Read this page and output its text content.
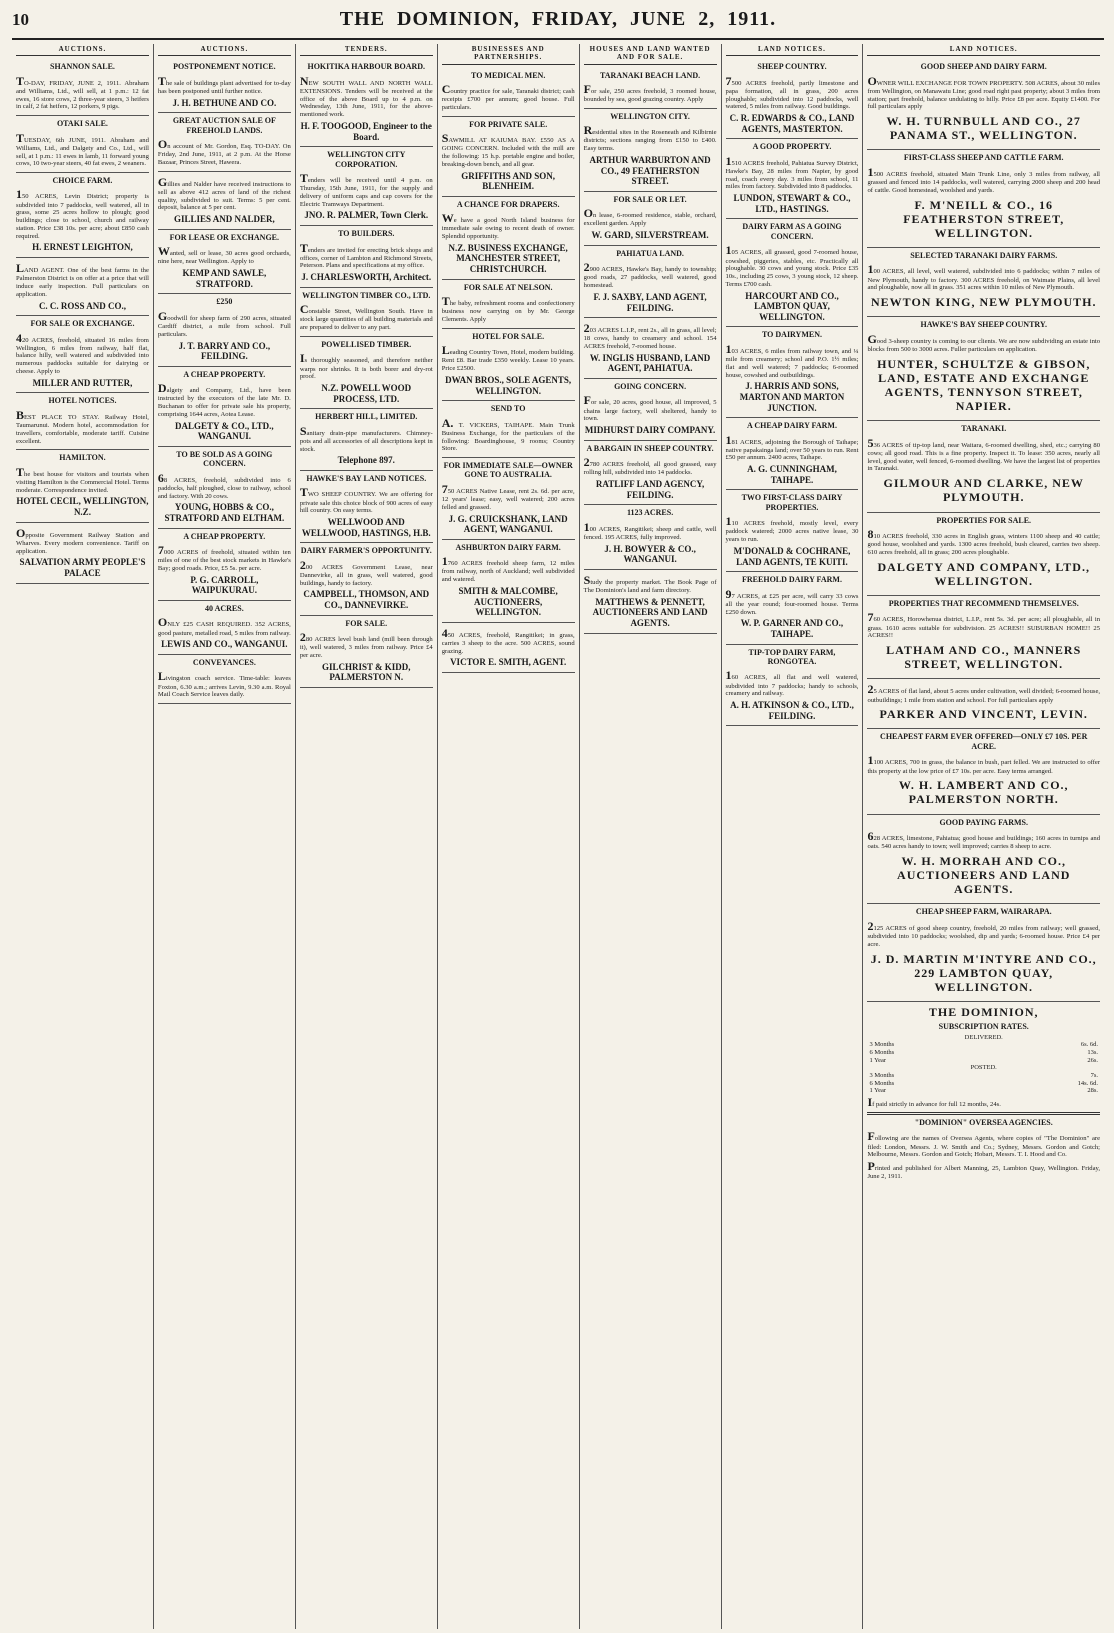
10	THE DOMINION, FRIDAY, JUNE 2, 1911.
AUCTIONS.
SHANNON SALE.

TO-DAY, FRIDAY, JUNE 2, 1911. Abraham and Williams, Ltd., will sell, at 1 p.m.: 12 fat ewes, 16 store cows, 2 three-year steers, 3 heifers in calf, 2 fat heifers, 12 porkers, 9 pigs.

OTAKI SALE.

TUESDAY, 6th JUNE, 1911. Abraham and Williams, Ltd., and Dalgety and Co., Ltd., will sell, at 1 p.m.: 11 ewes in lamb, 11 forward young cows, 10 two-year steers, 40 fat ewes, 2 weaners.

CHOICE FARM.

150 ACRES, Levin District; property is subdivided into 7 paddocks, well watered, all in grass, some 25 acres hollow to plough; good buildings; close to school, church and railway station. Price £38 10s. per acre; about £850 cash required.

H. ERNEST LEIGHTON,

LAND AGENT. One of the best farms in the Palmerston District is on offer at a price that will induce early inspection. Full particulars on application.

C. C. ROSS AND CO.,
FOR SALE OR EXCHANGE.

420 ACRES, freehold, situated 16 miles from Wellington, 6 miles from railway, half flat, balance hilly, well watered and subdivided into numerous paddocks suitable for dairying or cheese. Apply to

MILLER AND RUTTER,
HOTEL NOTICES.

BEST PLACE TO STAY. Railway Hotel, Taumarunui. Modern hotel, accommodation for travellers, comfortable, moderate tariff. Cuisine excellent.

HAMILTON.

The best house for visitors and tourists when visiting Hamilton is the Commercial Hotel. Terms moderate. Correspondence invited.

HOTEL CECIL, WELLINGTON, N.Z.

Opposite Government Railway Station and Wharves. Every modern convenience. Tariff on application.

SALVATION ARMY PEOPLE'S PALACE
AUCTIONS.
POSTPONEMENT NOTICE.

The sale of buildings plant advertised for to-day has been postponed until further notice.

J. H. BETHUNE AND CO.
GREAT AUCTION SALE OF FREEHOLD LANDS.

On account of Mr. Gordon, Esq. TO-DAY. On Friday, 2nd June, 1911, at 2 p.m. At the Horse Bazaar, Princes Street, Hawera.

Gillies and Nalder have received instructions to sell as above 412 acres of land of the richest quality, subdivided to suit. Terms: 5 per cent. deposit, balance at 5 per cent.

GILLIES AND NALDER,
FOR LEASE OR EXCHANGE.

Wanted, sell or lease, 30 acres good orchards, nine here, near Wellington. Apply to

KEMP AND SAWLE, STRATFORD.
£250

Goodwill for sheep farm of 290 acres, situated Cardiff district, a mile from school. Full particulars.

J. T. BARRY AND CO., FEILDING.
A CHEAP PROPERTY.

Dalgety and Company, Ltd., have been instructed by the executors of the late Mr. D. Buchanan to offer for private sale his property, comprising 1644 acres, Aotea Lease.

DALGETY & CO., LTD., WANGANUI.
TO BE SOLD AS A GOING CONCERN.

68 ACRES, freehold, subdivided into 6 paddocks, half ploughed, close to railway, school and factory. With 20 cows.

YOUNG, HOBBS & CO., STRATFORD AND ELTHAM.
A CHEAP PROPERTY.

7000 ACRES of freehold, situated within ten miles of one of the best stock markets in Hawke's Bay; good roads. Price, £5 5s. per acre.

P. G. CARROLL, WAIPUKURAU.
40 ACRES.

ONLY £25 CASH REQUIRED. 352 ACRES, good pasture, metalled road, 5 miles from railway.

LEWIS AND CO., WANGANUI.
CONVEYANCES.

Livingston coach service. Time-table: leaves Foxton, 6.30 a.m.; arrives Levin, 9.30 a.m. Royal Mail Coach Service leaves daily.

TENDERS.
HOKITIKA HARBOUR BOARD.

NEW SOUTH WALL AND NORTH WALL EXTENSIONS. Tenders will be received at the office of the above Board up to 4 p.m. on Wednesday, 13th June, 1911, for the above-mentioned work.

H. F. TOOGOOD, Engineer to the Board.
WELLINGTON CITY CORPORATION.

Tenders will be received until 4 p.m. on Thursday, 15th June, 1911, for the supply and delivery of uniform caps and cap covers for the Electric Tramways Department.

JNO. R. PALMER, Town Clerk.
TO BUILDERS.

Tenders are invited for erecting brick shops and offices, corner of Lambton and Richmond Streets, Peterson. Plans and specifications at my office.

J. CHARLESWORTH, Architect.
WELLINGTON TIMBER CO., LTD.

Constable Street, Wellington South. Have in stock large quantities of all building materials and are prepared to deliver to any part.

POWELLISED TIMBER.

Is thoroughly seasoned, and therefore neither warps nor shrinks. It is both borer and dry-rot proof.

N.Z. POWELL WOOD PROCESS, LTD.
HERBERT HILL, LIMITED.

Sanitary drain-pipe manufacturers. Chimney-pots and all accessories of all descriptions kept in stock.

Telephone 897.
HAWKE'S BAY LAND NOTICES.

TWO SHEEP COUNTRY. We are offering for private sale this choice block of 900 acres of easy hill country. On easy terms.

WELLWOOD AND WELLWOOD, HASTINGS, H.B.
DAIRY FARMER'S OPPORTUNITY.

200 ACRES Government Lease, near Dannevirke, all in grass, well watered, good buildings, handy to factory.

CAMPBELL, THOMSON, AND CO., DANNEVIRKE.
FOR SALE.

280 ACRES level bush land (mill been through it), well watered, 3 miles from railway. Price £4 per acre.

GILCHRIST & KIDD, PALMERSTON N.
BUSINESSES AND PARTNERSHIPS.
TO MEDICAL MEN.

Country practice for sale, Taranaki district; cash receipts £700 per annum; good house. Full particulars.

FOR PRIVATE SALE.

SAWMILL AT KAIUMA BAY. £550 AS A GOING CONCERN. Included with the mill are the following: 15 h.p. portable engine and boiler, breaking-down bench, and all gear.

GRIFFITHS AND SON, BLENHEIM.
A CHANCE FOR DRAPERS.

We have a good North Island business for immediate sale owing to recent death of owner. Splendid opportunity.

N.Z. BUSINESS EXCHANGE, MANCHESTER STREET, CHRISTCHURCH.
FOR SALE AT NELSON.

The baby, refreshment rooms and confectionery business now carrying on by Mr. George Clements. Apply

HOTEL FOR SALE.

Leading Country Town, Hotel, modern building. Rent £8. Bar trade £350 weekly. Lease 10 years. Price £2500.

DWAN BROS., SOLE AGENTS, WELLINGTON.
SEND TO

A. T. VICKERS, TAIHAPE. Main Trunk Business Exchange, for the particulars of the following: Boardinghouse, 9 rooms; Country Store.

FOR IMMEDIATE SALE—OWNER GONE TO AUSTRALIA.

750 ACRES Native Lease, rent 2s. 6d. per acre, 12 years' lease; easy, well watered; 200 acres felled and grassed.

J. G. CRUICKSHANK, LAND AGENT, WANGANUI.
ASHBURTON DAIRY FARM.

1760 ACRES freehold sheep farm, 12 miles from railway, north of Auckland; well subdivided and watered.

SMITH & MALCOMBE, AUCTIONEERS, WELLINGTON.

450 ACRES, freehold, Rangitikei; in grass, carries 3 sheep to the acre. 500 ACRES, sound grazing.

VICTOR E. SMITH, AGENT.
HOUSES AND LAND WANTED AND FOR SALE.
TARANAKI BEACH LAND.

For sale, 250 acres freehold, 3 roomed house, bounded by sea, good grazing country. Apply

WELLINGTON CITY.

Residential sites in the Roseneath and Kilbirnie districts; sections ranging from £150 to £400. Easy terms.

ARTHUR WARBURTON AND CO., 49 FEATHERSTON STREET.
FOR SALE OR LET.

On lease, 6-roomed residence, stable, orchard, excellent garden. Apply

W. GARD, SILVERSTREAM.
PAHIATUA LAND.

2900 ACRES, Hawke's Bay, handy to township; good roads, 27 paddocks, well watered, good homestead.

F. J. SAXBY, LAND AGENT, FEILDING.

203 ACRES L.I.P., rent 2s., all in grass, all level; 18 cows, handy to creamery and school. 154 ACRES freehold, 7-roomed house.

W. INGLIS HUSBAND, LAND AGENT, PAHIATUA.
GOING CONCERN.

For sale, 20 acres, good house, all improved, 5 chains large factory, well sheltered, handy to town.

MIDHURST DAIRY COMPANY.
A BARGAIN IN SHEEP COUNTRY.

2780 ACRES freehold, all good grassed, easy rolling hill, subdivided into 14 paddocks.

RATLIFF LAND AGENCY, FEILDING.
1123 ACRES.

100 ACRES, Rangitikei; sheep and cattle, well fenced. 195 ACRES, fully improved.

J. H. BOWYER & CO., WANGANUI.

Study the property market. The Book Page of The Dominion's land and farm directory.

MATTHEWS & PENNETT, AUCTIONEERS AND LAND AGENTS.
LAND NOTICES.
SHEEP COUNTRY.

7500 ACRES freehold, partly limestone and papa formation, all in grass, 200 acres ploughable; subdivided into 12 paddocks, well watered, 5 miles from railway. Good buildings.

C. R. EDWARDS & CO., LAND AGENTS, MASTERTON.
A GOOD PROPERTY.

1510 ACRES freehold, Pahiatua Survey District, Hawke's Bay, 28 miles from Napier, by good road, coach every day. 3 miles from school, 11 miles from factory. Subdivided into 8 paddocks.

LUNDON, STEWART & CO., LTD., HASTINGS.
DAIRY FARM AS A GOING CONCERN.

105 ACRES, all grassed, good 7-roomed house, cowshed, piggeries, stables, etc. Practically all ploughable. 30 cows and young stock. Price £35 10s., including 25 cows, 3 young stock, 12 sheep. Terms £700 cash.

HARCOURT AND CO., LAMBTON QUAY, WELLINGTON.
TO DAIRYMEN.

103 ACRES, 6 miles from railway town, and ¼ mile from creamery; school and P.O. 1½ miles; flat and well watered; 7 paddocks; 6-roomed house, cowshed and outbuildings.

J. HARRIS AND SONS, MARTON AND MARTON JUNCTION.
A CHEAP DAIRY FARM.

181 ACRES, adjoining the Borough of Taihape; native papakainga land; over 50 years to run. Rent £50 per annum. 2400 acres, Taihape.

A. G. CUNNINGHAM, TAIHAPE.
TWO FIRST-CLASS DAIRY PROPERTIES.

110 ACRES freehold, mostly level, every paddock watered; 2000 acres native lease, 30 years to run.

M'DONALD & COCHRANE, LAND AGENTS, TE KUITI.
FREEHOLD DAIRY FARM.

97 ACRES, at £25 per acre, will carry 33 cows all the year round; four-roomed house. Terms £250 down.

W. P. GARNER AND CO., TAIHAPE.
TIP-TOP DAIRY FARM, RONGOTEA.

160 ACRES, all flat and well watered, subdivided into 7 paddocks; handy to schools, creamery and railway.

A. H. ATKINSON & CO., LTD., FEILDING.
LAND NOTICES.
GOOD SHEEP AND DAIRY FARM.

OWNER WILL EXCHANGE FOR TOWN PROPERTY. 508 ACRES, about 30 miles from Wellington, on Manawatu Line; good road right past property; about 3 miles from station; part freehold, balance undulating to hilly. Price £8 per acre. Equity £1400. For full particulars apply

W. H. TURNBULL AND CO., 27 PANAMA ST., WELLINGTON.
FIRST-CLASS SHEEP AND CATTLE FARM.

1500 ACRES freehold, situated Main Trunk Line, only 3 miles from railway, all grassed and fenced into 14 paddocks, well watered, carrying 2000 sheep and 200 head of cattle. Good homestead, woolshed and yards.

F. M'NEILL & CO., 16 FEATHERSTON STREET, WELLINGTON.
SELECTED TARANAKI DAIRY FARMS.

100 ACRES, all level, well watered, subdivided into 6 paddocks; within 7 miles of New Plymouth, handy to factory. 300 ACRES freehold, on Waimate Plains, all level and ploughable, now all in grass. 351 acres within 10 miles of New Plymouth.

NEWTON KING, NEW PLYMOUTH.
HAWKE'S BAY SHEEP COUNTRY.

Good 3-sheep country is coming to our clients. We are now subdividing an estate into blocks from 500 to 3000 acres. Fuller particulars on application.

HUNTER, SCHULTZE & GIBSON, LAND, ESTATE AND EXCHANGE AGENTS, TENNYSON STREET, NAPIER.
TARANAKI.

536 ACRES of tip-top land, near Waitara, 6-roomed dwelling, shed, etc.; carrying 80 cows; all good road. This is a fine property. Inspect it. To lease: 350 acres, nearly all level, good water, well fenced, 6-roomed dwelling. We have the largest list of properties in Taranaki.

GILMOUR AND CLARKE, NEW PLYMOUTH.
PROPERTIES FOR SALE.

810 ACRES freehold, 330 acres in English grass, winters 1100 sheep and 40 cattle; good house, woolshed and yards. 1300 acres freehold, bush cleared, carries two sheep. 610 acres freehold, all in grass; 200 acres ploughable.

DALGETY AND COMPANY, LTD., WELLINGTON.
PROPERTIES THAT RECOMMEND THEMSELVES.

760 ACRES, Horowhenua district, L.I.P., rent 5s. 3d. per acre; all ploughable, all in grass. 1610 acres suitable for subdivision. 25 ACRES!! SUBURBAN HOME!! 25 ACRES!!

LATHAM AND CO., MANNERS STREET, WELLINGTON.

25 ACRES of flat land, about 5 acres under cultivation, well divided; 6-roomed house, outbuildings; 1 mile from station and school. For full particulars apply

PARKER AND VINCENT, LEVIN.
CHEAPEST FARM EVER OFFERED—ONLY £7 10S. PER ACRE.

1100 ACRES, 700 in grass, the balance in bush, part felled. We are instructed to offer this property at the low price of £7 10s. per acre. Easy terms arranged.

W. H. LAMBERT AND CO., PALMERSTON NORTH.
GOOD PAYING FARMS.

628 ACRES, limestone, Pahiatua; good house and buildings; 160 acres in turnips and oats. 540 acres handy to town; well improved; carries 8 sheep to acre.

W. H. MORRAH AND CO., AUCTIONEERS AND LAND AGENTS.
CHEAP SHEEP FARM, WAIRARAPA.

2125 ACRES of good sheep country, freehold, 20 miles from railway; well grassed, subdivided into 10 paddocks; woolshed, dip and yards; 6-roomed house. Price £4 per acre.

J. D. MARTIN M'INTYRE AND CO., 229 LAMBTON QUAY, WELLINGTON.
THE DOMINION,
SUBSCRIPTION RATES.
DELIVERED.
3 Months	6s. 6d.
6 Months	13s.
1 Year	26s.
POSTED.
3 Months	7s.
6 Months	14s. 6d.
1 Year	28s.

If paid strictly in advance for full 12 months, 24s.

"DOMINION" OVERSEA AGENCIES.

Following are the names of Oversea Agents, where copies of "The Dominion" are filed: London, Messrs. J. W. Smith and Co.; Sydney, Messrs. Gordon and Gotch; Melbourne, Messrs. Gordon and Gotch; Hobart, Messrs. T. I. Hood and Co.

Printed and published for Albert Manning, 25, Lambton Quay, Wellington. Friday, June 2, 1911.
